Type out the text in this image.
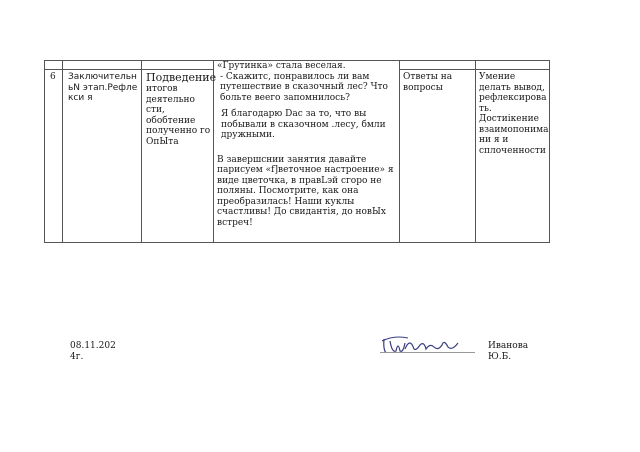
6 Заключительн ьN этап.Рефлекси я
Подведение
итогов деятельно сти, обобтение полученно го ОпЫта
«Грутинка» стала веселая.
- Скажитс, понравилось ли вам путешествие в сказочный лес? Что больтe веего запомнилось?
Я благодарю Dac за то, что вы побывали в сказочном .лесу, бмли дружными.
В завершснии занятия давайте парисуем «f]веточное настроение» я виде цветочка, в правLэй сгоро не поляны. Посмотрите, как она преобразилась! Наши куклы счастливы! До свидантія, до новЫх встреч!
Ответы на вопросы
Умение делать вывод, рефлексирова ть. Достиікение взаимопонима ни я и сплоченности
08.11.202 4г.
Иванова Ю.Б.
